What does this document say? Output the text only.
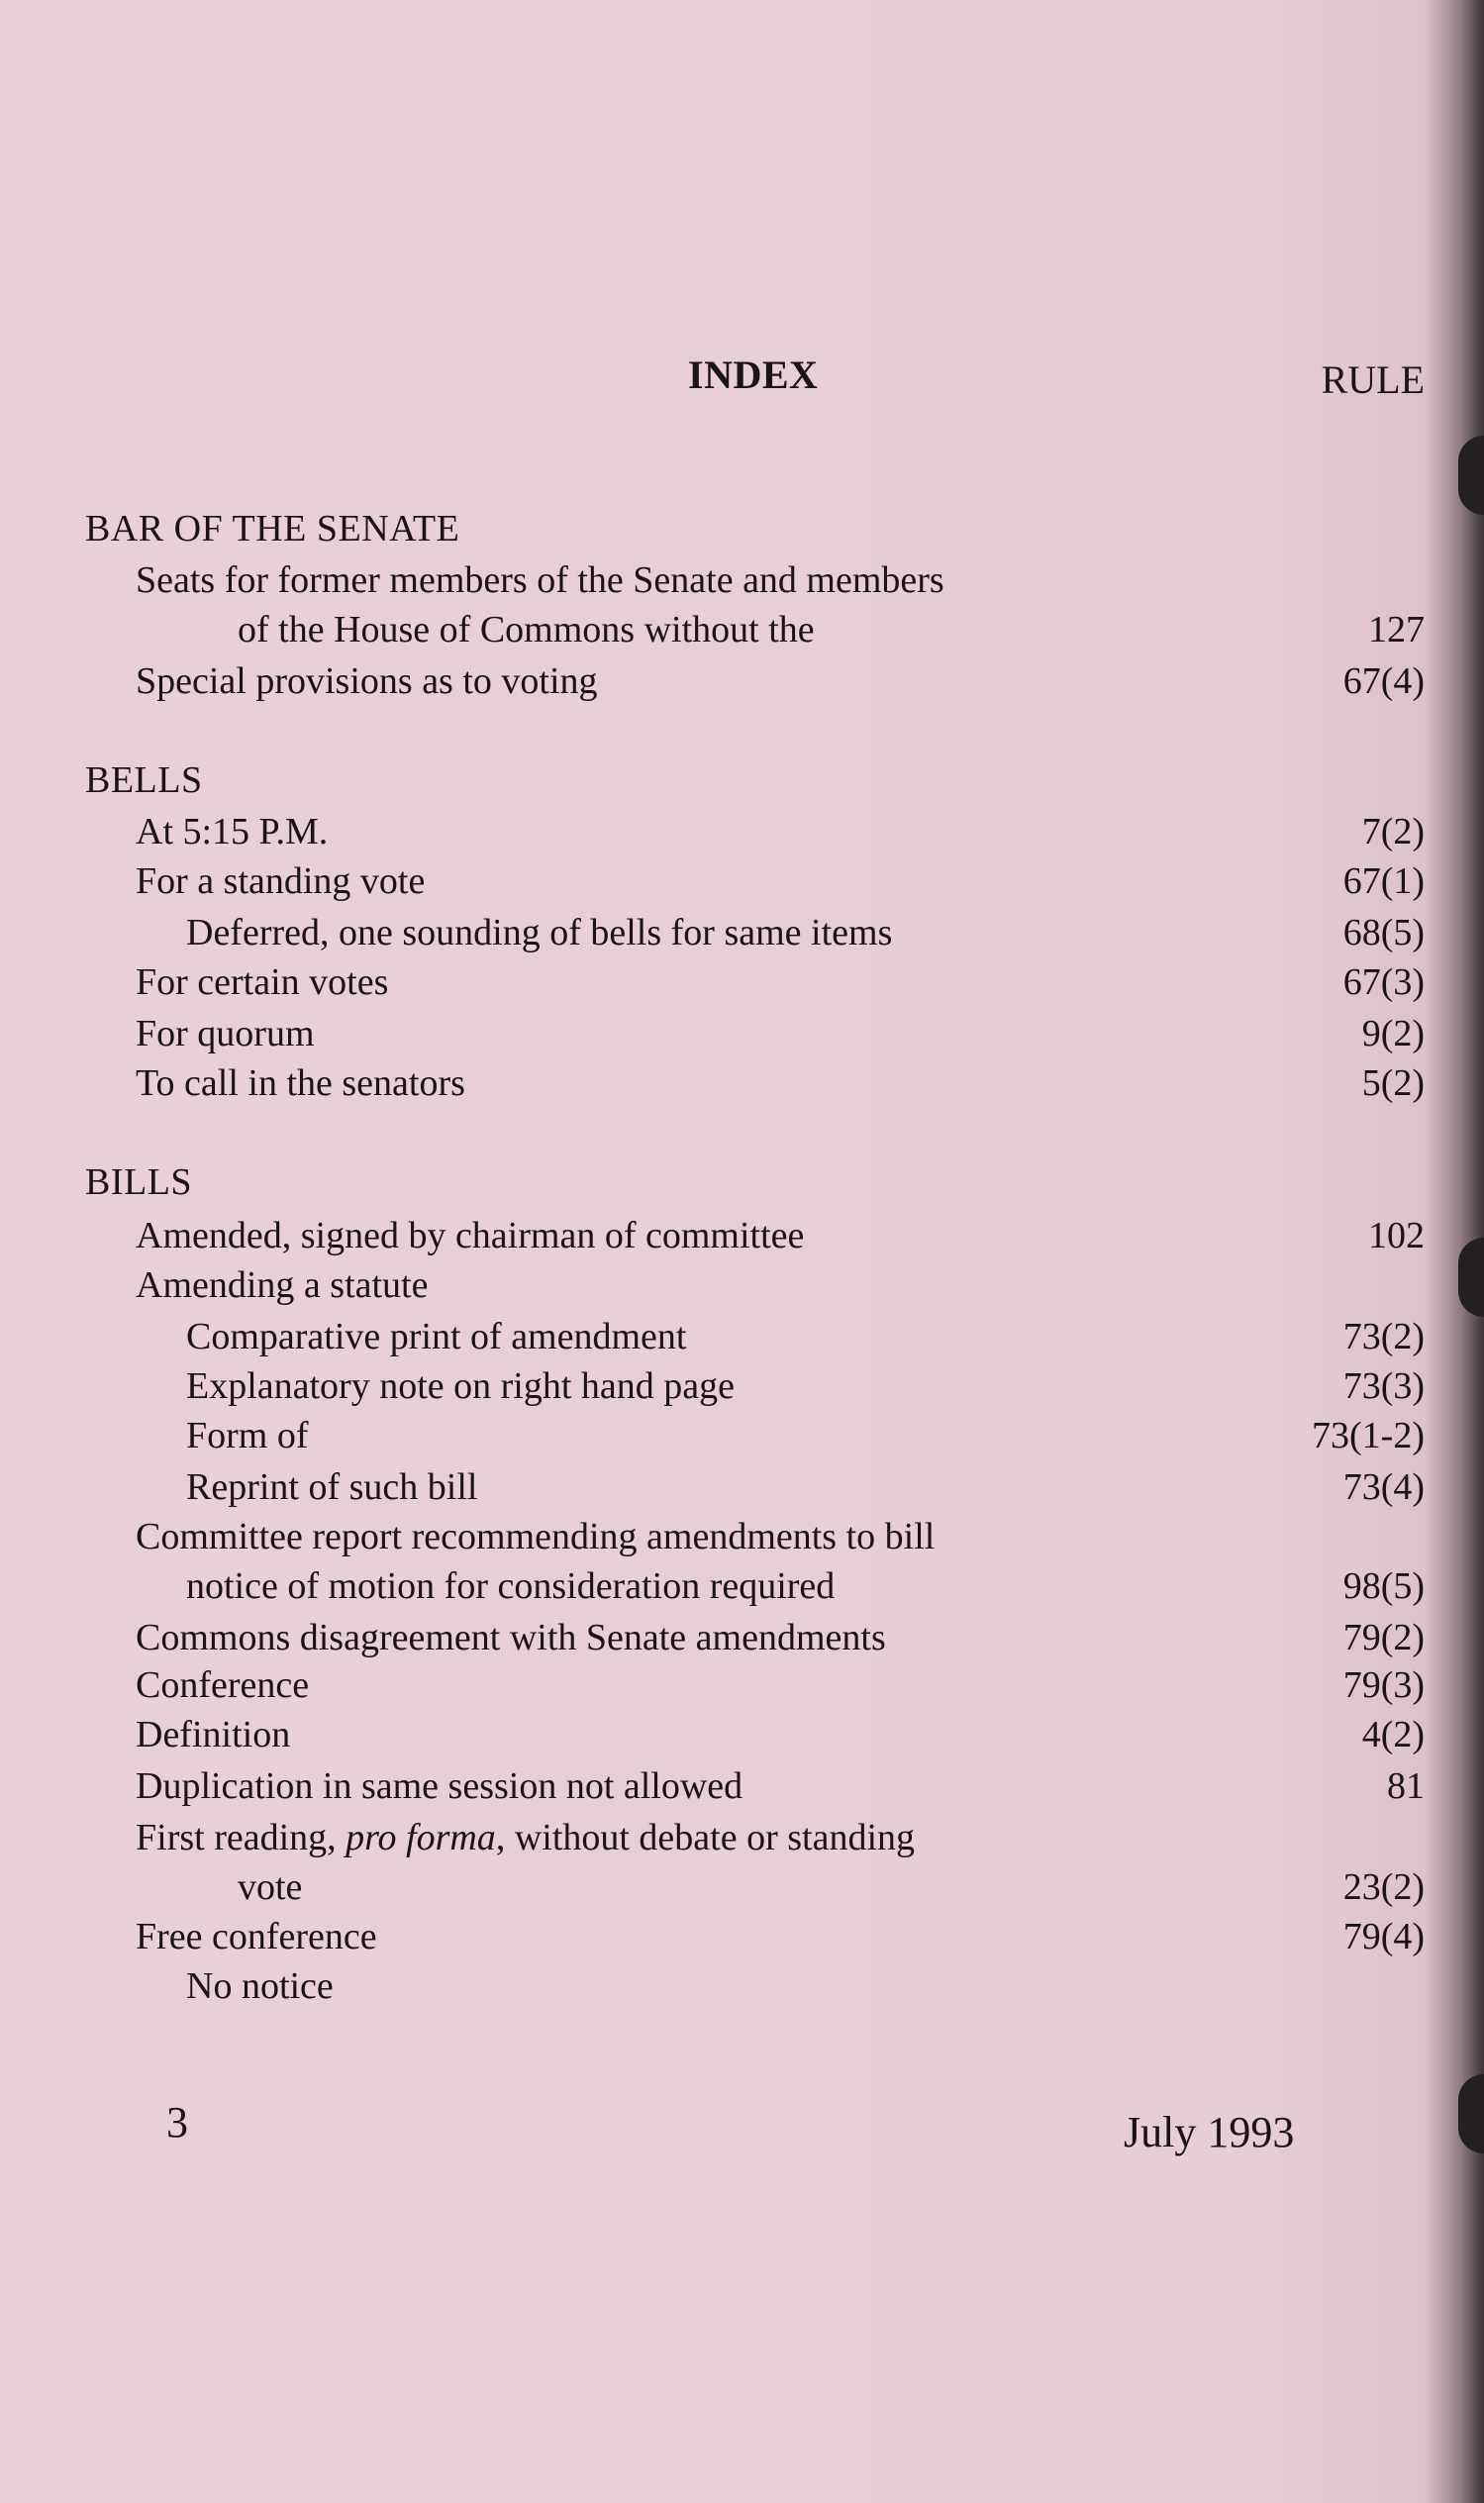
INDEX	RULE
BAR OF THE SENATE
Seats for former members of the Senate and members
of the House of Commons without the	127
Special provisions as to voting	67(4)
BELLS
At 5:15 P.M.	7(2)
For a standing vote	67(1)
Deferred, one sounding of bells for same items	68(5)
For certain votes	67(3)
For quorum	9(2)
To call in the senators	5(2)
BILLS
Amended, signed by chairman of committee	102
Amending a statute
Comparative print of amendment	73(2)
Explanatory note on right hand page	73(3)
Form of	73(1-2)
Reprint of such bill	73(4)
Committee report recommending amendments to bill
notice of motion for consideration required	98(5)
Commons disagreement with Senate amendments	79(2)
Conference	79(3)
Definition	4(2)
Duplication in same session not allowed	81
First reading, pro forma, without debate or standing
vote	23(2)
Free conference	79(4)
No notice
3	July 1993
